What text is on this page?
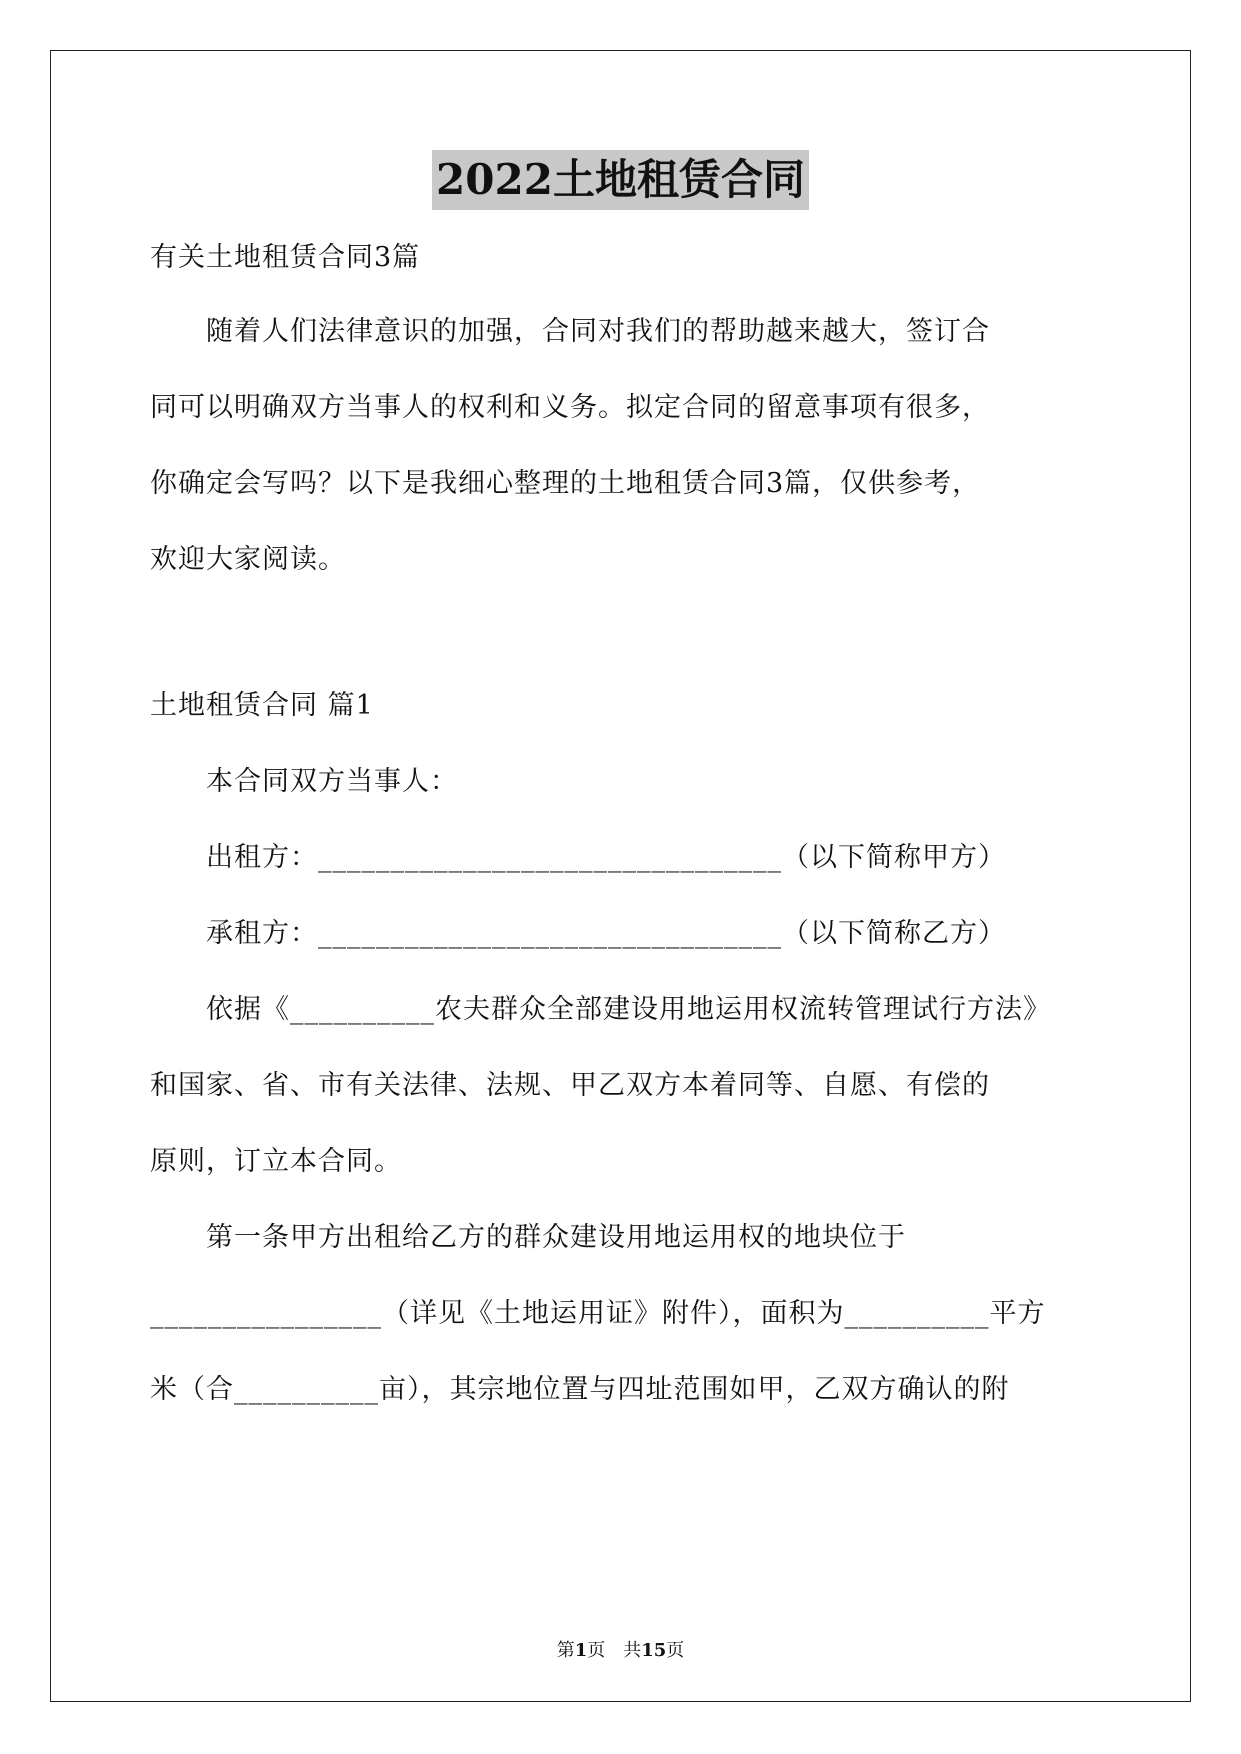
2022土地租赁合同
有关土地租赁合同3篇
　　随着人们法律意识的加强，合同对我们的帮助越来越大，签订合
同可以明确双方当事人的权利和义务。拟定合同的留意事项有很多，
你确定会写吗？以下是我细心整理的土地租赁合同3篇，仅供参考，
欢迎大家阅读。
土地租赁合同 篇1
　　本合同双方当事人：
　　出租方：________________________________（以下简称甲方）
　　承租方：________________________________（以下简称乙方）
　　依据《__________农夫群众全部建设用地运用权流转管理试行方法》
和国家、省、市有关法律、法规、甲乙双方本着同等、自愿、有偿的
原则，订立本合同。
　　第一条甲方出租给乙方的群众建设用地运用权的地块位于
________________（详见《土地运用证》附件），面积为__________平方
米（合__________亩），其宗地位置与四址范围如甲，乙双方确认的附
第1页　共15页
